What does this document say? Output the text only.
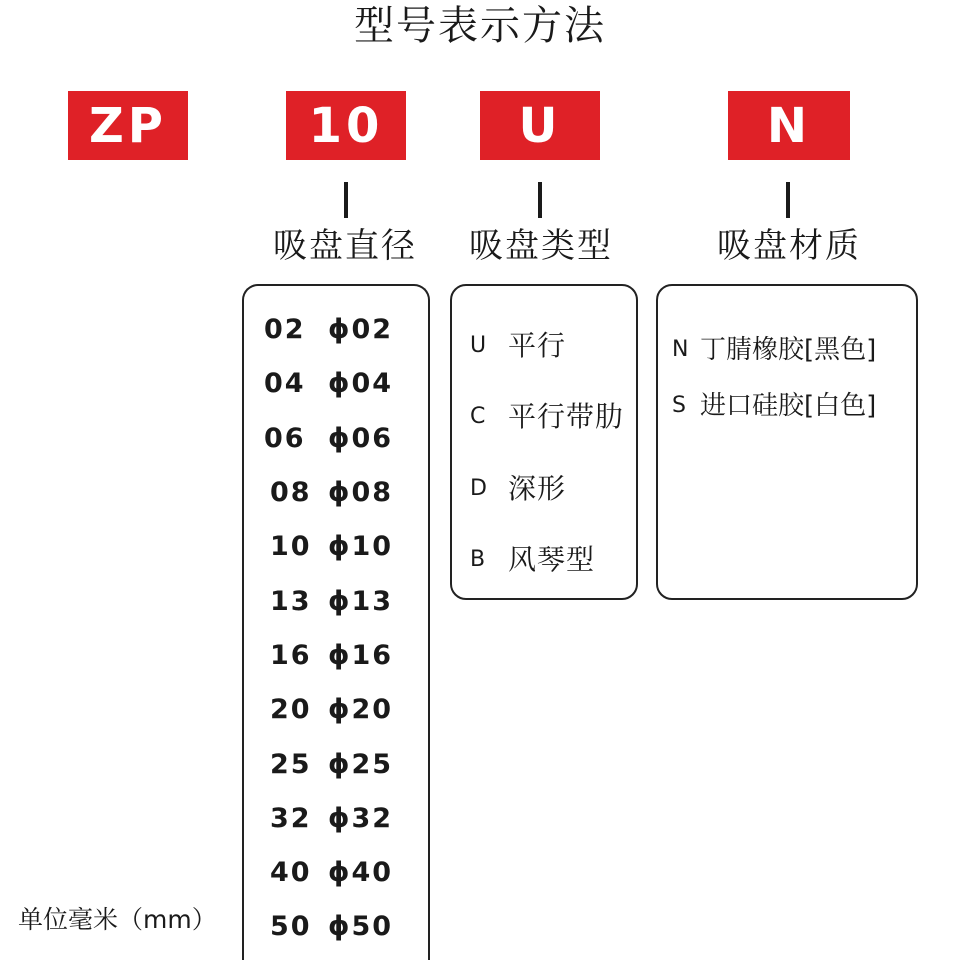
型号表示方法
ZP	10	U	N
吸盘直径	吸盘类型	吸盘材质
02 ϕ02
04 ϕ04
06 ϕ06
08 ϕ08
10 ϕ10
13 ϕ13
16 ϕ16
20 ϕ20
25 ϕ25
32 ϕ32
40 ϕ40
50 ϕ50
U 平行
C 平行带肋
D 深形
B 风琴型
N 丁腈橡胶[黑色]
S 进口硅胶[白色]
单位毫米（mm）
